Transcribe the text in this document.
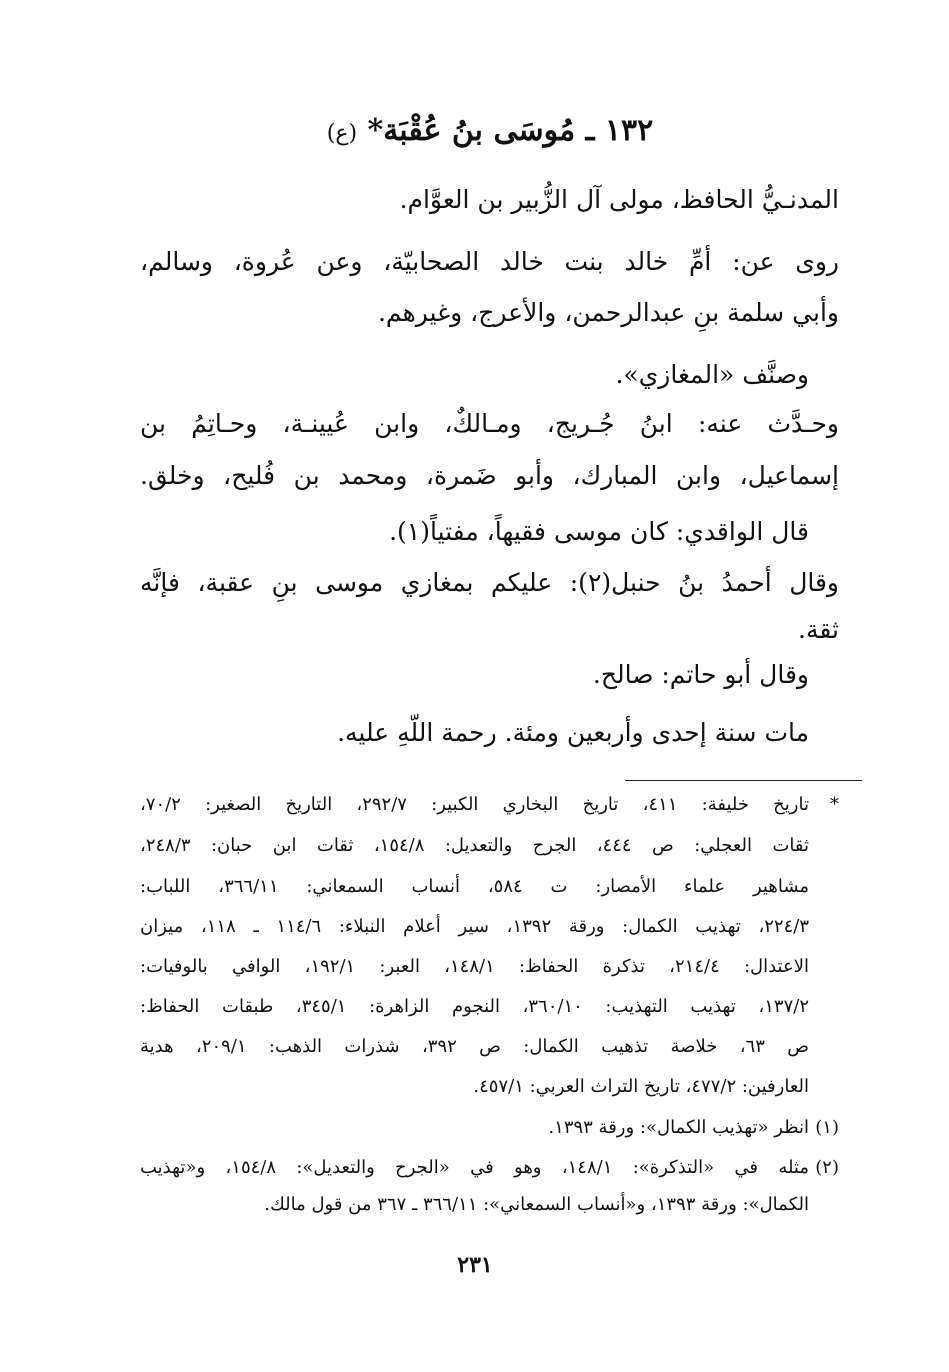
١٣٢ ـ مُوسَى بنُ عُقْبَة* (ع)
المدنـيُّ الحافظ، مولى آل الزُّبير بن العوَّام.
روى عن: أمِّ خالد بنت خالد الصحابيّة، وعن عُروة، وسالم،
وأبي سلمة بنِ عبدالرحمن، والأعرج، وغيرهم.
وصنَّف «المغازي».
وحـدَّث عنه: ابنُ جُـريج، ومـالكٌ، وابن عُيينـة، وحـاتِمُ بن
إسماعيل، وابن المبارك، وأبو ضَمرة، ومحمد بن فُليح، وخلق.
قال الواقدي: كان موسى فقيهاً، مفتياً(١).
وقال أحمدُ بنُ حنبل(٢): عليكم بمغازي موسى بنِ عقبة، فإنَّه
ثقة.
وقال أبو حاتم: صالح.
مات سنة إحدى وأربعين ومئة. رحمة اللّهِ عليه.
*
تاريخ خليفة: ٤١١، تاريخ البخاري الكبير: ٢٩٢/٧، التاريخ الصغير: ٧٠/٢،
ثقات العجلي: ص ٤٤٤، الجرح والتعديل: ١٥٤/٨، ثقات ابن حبان: ٢٤٨/٣،
مشاهير علماء الأمصار: ت ٥٨٤، أنساب السمعاني: ٣٦٦/١١، اللباب:
٢٢٤/٣، تهذيب الكمال: ورقة ١٣٩٢، سير أعلام النبلاء: ١١٤/٦ ـ ١١٨، ميزان
الاعتدال: ٢١٤/٤، تذكرة الحفاظ: ١٤٨/١، العبر: ١٩٢/١، الوافي بالوفيات:
١٣٧/٢، تهذيب التهذيب: ٣٦٠/١٠، النجوم الزاهرة: ٣٤٥/١، طبقات الحفاظ:
ص ٦٣، خلاصة تذهيب الكمال: ص ٣٩٢، شذرات الذهب: ٢٠٩/١، هدية
العارفين: ٤٧٧/٢، تاريخ التراث العربي: ٤٥٧/١.
(١)
انظر «تهذيب الكمال»: ورقة ١٣٩٣.
(٢)
مثله في «التذكرة»: ١٤٨/١، وهو في «الجرح والتعديل»: ١٥٤/٨، و«تهذيب
الكمال»: ورقة ١٣٩٣، و«أنساب السمعاني»: ٣٦٦/١١ ـ ٣٦٧ من قول مالك.
٢٣١
